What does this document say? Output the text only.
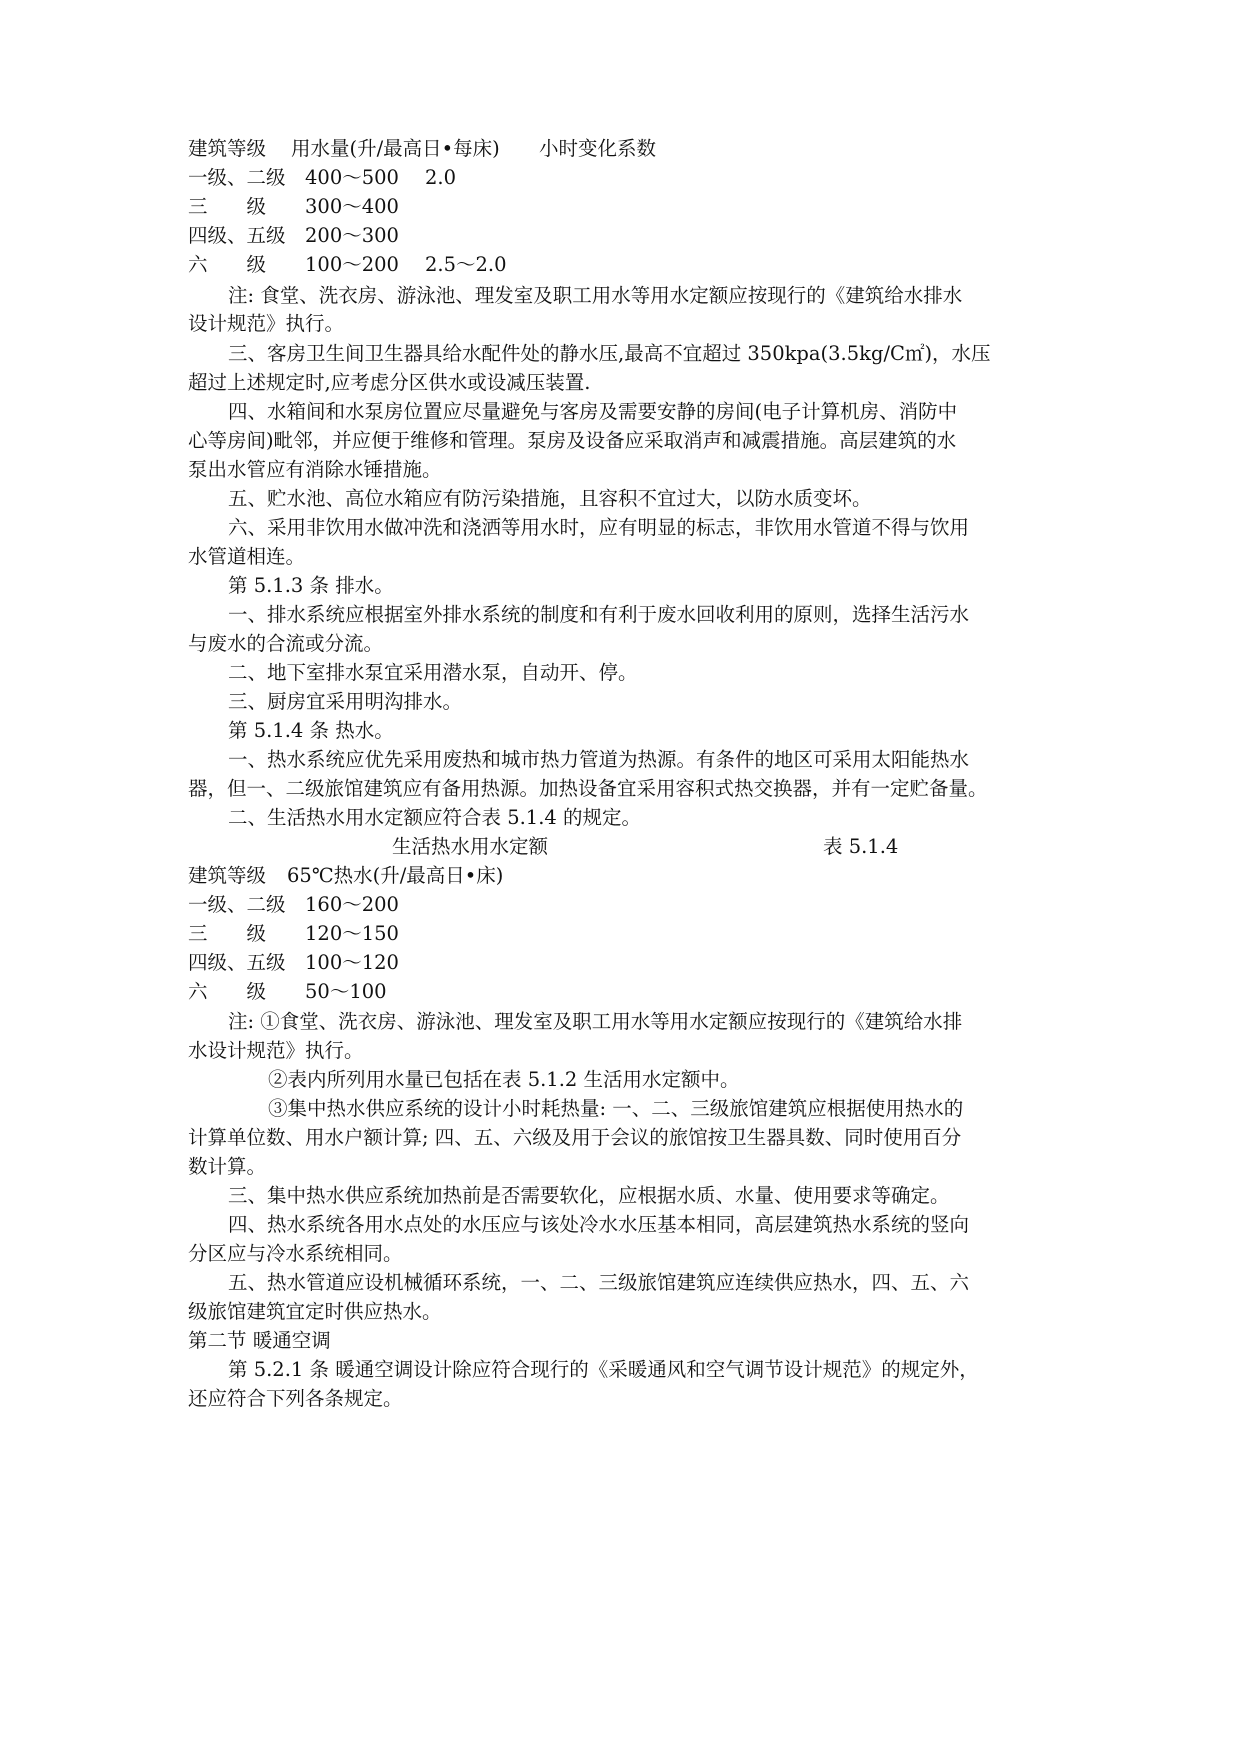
建筑等级 用水量(升/最高日•每床) 小时变化系数
一级、二级 400～500 2.0
三　　级 300～400
四级、五级 200～300
六　　级 100～200 2.5～2.0
注: 食堂、洗衣房、游泳池、理发室及职工用水等用水定额应按现行的《建筑给水排水
设计规范》执行。
三、客房卫生间卫生器具给水配件处的静水压,最高不宜超过 350kpa(3.5kg/C㎡)，水压
超过上述规定时,应考虑分区供水或设减压装置.
四、水箱间和水泵房位置应尽量避免与客房及需要安静的房间(电子计算机房、消防中
心等房间)毗邻，并应便于维修和管理。泵房及设备应采取消声和减震措施。高层建筑的水
泵出水管应有消除水锤措施。
五、贮水池、高位水箱应有防污染措施，且容积不宜过大，以防水质变坏。
六、采用非饮用水做冲洗和浇洒等用水时，应有明显的标志，非饮用水管道不得与饮用
水管道相连。
第 5.1.3 条 排水。
一、排水系统应根据室外排水系统的制度和有利于废水回收利用的原则，选择生活污水
与废水的合流或分流。
二、地下室排水泵宜采用潜水泵，自动开、停。
三、厨房宜采用明沟排水。
第 5.1.4 条 热水。
一、热水系统应优先采用废热和城市热力管道为热源。有条件的地区可采用太阳能热水
器，但一、二级旅馆建筑应有备用热源。加热设备宜采用容积式热交换器，并有一定贮备量。
二、生活热水用水定额应符合表 5.1.4 的规定。
生活热水用水定额	表 5.1.4
建筑等级 65℃热水(升/最高日•床)
一级、二级 160～200
三　　级 120～150
四级、五级 100～120
六　　级 50～100
注: ①食堂、洗衣房、游泳池、理发室及职工用水等用水定额应按现行的《建筑给水排
水设计规范》执行。
②表内所列用水量已包括在表 5.1.2 生活用水定额中。
③集中热水供应系统的设计小时耗热量: 一、二、三级旅馆建筑应根据使用热水的
计算单位数、用水户额计算; 四、五、六级及用于会议的旅馆按卫生器具数、同时使用百分
数计算。
三、集中热水供应系统加热前是否需要软化，应根据水质、水量、使用要求等确定。
四、热水系统各用水点处的水压应与该处冷水水压基本相同，高层建筑热水系统的竖向
分区应与冷水系统相同。
五、热水管道应设机械循环系统，一、二、三级旅馆建筑应连续供应热水，四、五、六
级旅馆建筑宜定时供应热水。
第二节 暖通空调
第 5.2.1 条 暖通空调设计除应符合现行的《采暖通风和空气调节设计规范》的规定外，
还应符合下列各条规定。
